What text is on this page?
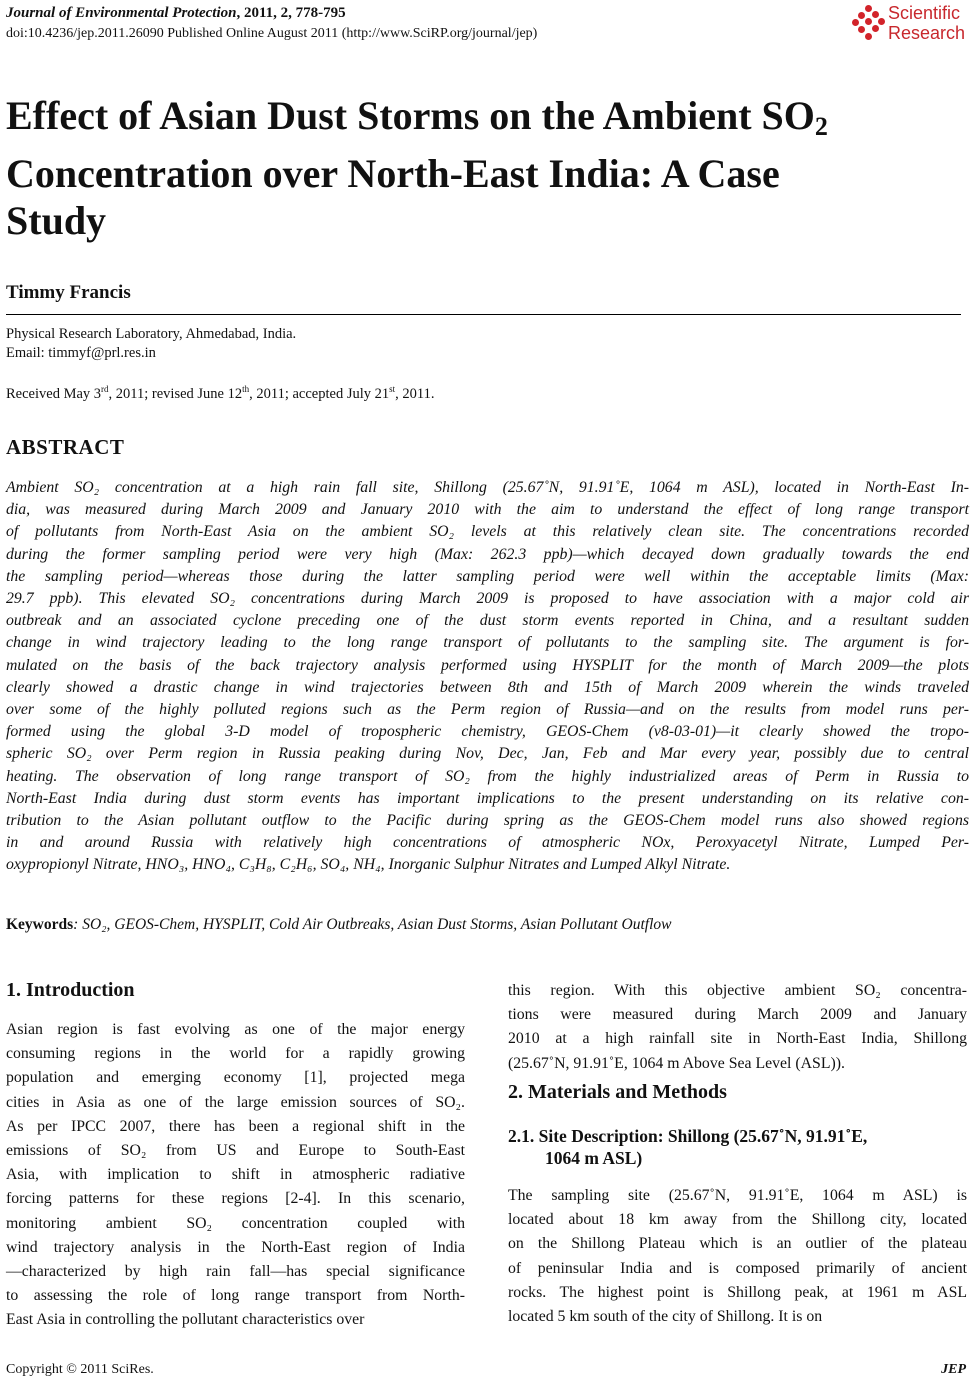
Journal of Environmental Protection, 2011, 2, 778-795
doi:10.4236/jep.2011.26090 Published Online August 2011 (http://www.SciRP.org/journal/jep)
Scientific
Research
Effect of Asian Dust Storms on the Ambient $SO_2$
Concentration over North-East India: A Case
Study
Timmy Francis
Physical Research Laboratory, Ahmedabad, India.
Email: timmyf@prl.res.in
Received May 3rd, 2011; revised June 12th, 2011; accepted July 21st, 2011.
ABSTRACT
Ambient SO₂ concentration at a high rain fall site, Shillong (25.67˚N, 91.91˚E, 1064 m ASL), located in North-East In-
dia, was measured during March 2009 and January 2010 with the aim to understand the effect of long range transport
of pollutants from North-East Asia on the ambient SO₂ levels at this relatively clean site. The concentrations recorded
during the former sampling period were very high (Max: 262.3 ppb)—which decayed down gradually towards the end
the sampling period—whereas those during the latter sampling period were well within the acceptable limits (Max:
29.7 ppb). This elevated SO₂ concentrations during March 2009 is proposed to have association with a major cold air
outbreak and an associated cyclone preceding one of the dust storm events reported in China, and a resultant sudden
change in wind trajectory leading to the long range transport of pollutants to the sampling site. The argument is for-
mulated on the basis of the back trajectory analysis performed using HYSPLIT for the month of March 2009—the plots
clearly showed a drastic change in wind trajectories between 8th and 15th of March 2009 wherein the winds traveled
over some of the highly polluted regions such as the Perm region of Russia—and on the results from model runs per-
formed using the global 3-D model of tropospheric chemistry, GEOS-Chem (v8-03-01)—it clearly showed the tropo-
spheric SO₂ over Perm region in Russia peaking during Nov, Dec, Jan, Feb and Mar every year, possibly due to central
heating. The observation of long range transport of SO₂ from the highly industrialized areas of Perm in Russia to
North-East India during dust storm events has important implications to the present understanding on its relative con-
tribution to the Asian pollutant outflow to the Pacific during spring as the GEOS-Chem model runs also showed regions
in and around Russia with relatively high concentrations of atmospheric NOx, Peroxyacetyl Nitrate, Lumped Per-
oxypropionyl Nitrate, HNO₃, HNO₄, C₃H₈, C₂H₆, SO₄, NH₄, Inorganic Sulphur Nitrates and Lumped Alkyl Nitrate.
Keywords: SO₂, GEOS-Chem, HYSPLIT, Cold Air Outbreaks, Asian Dust Storms, Asian Pollutant Outflow
1. Introduction
Asian region is fast evolving as one of the major energy
consuming regions in the world for a rapidly growing
population and emerging economy [1], projected mega
cities in Asia as one of the large emission sources of SO₂.
As per IPCC 2007, there has been a regional shift in the
emissions of SO₂ from US and Europe to South-East
Asia, with implication to shift in atmospheric radiative
forcing patterns for these regions [2-4]. In this scenario,
monitoring ambient SO₂ concentration coupled with
wind trajectory analysis in the North-East region of India
—characterized by high rain fall—has special significance
to assessing the role of long range transport from North-
East Asia in controlling the pollutant characteristics over
this region. With this objective ambient SO₂ concentra-
tions were measured during March 2009 and January
2010 at a high rainfall site in North-East India, Shillong
(25.67˚N, 91.91˚E, 1064 m Above Sea Level (ASL)).
2. Materials and Methods
2.1. Site Description: Shillong (25.67˚N, 91.91˚E,
1064 m ASL)
The sampling site (25.67˚N, 91.91˚E, 1064 m ASL) is
located about 18 km away from the Shillong city, located
on the Shillong Plateau which is an outlier of the plateau
of peninsular India and is composed primarily of ancient
rocks. The highest point is Shillong peak, at 1961 m ASL
located 5 km south of the city of Shillong. It is on
Copyright © 2011 SciRes.	JEP
